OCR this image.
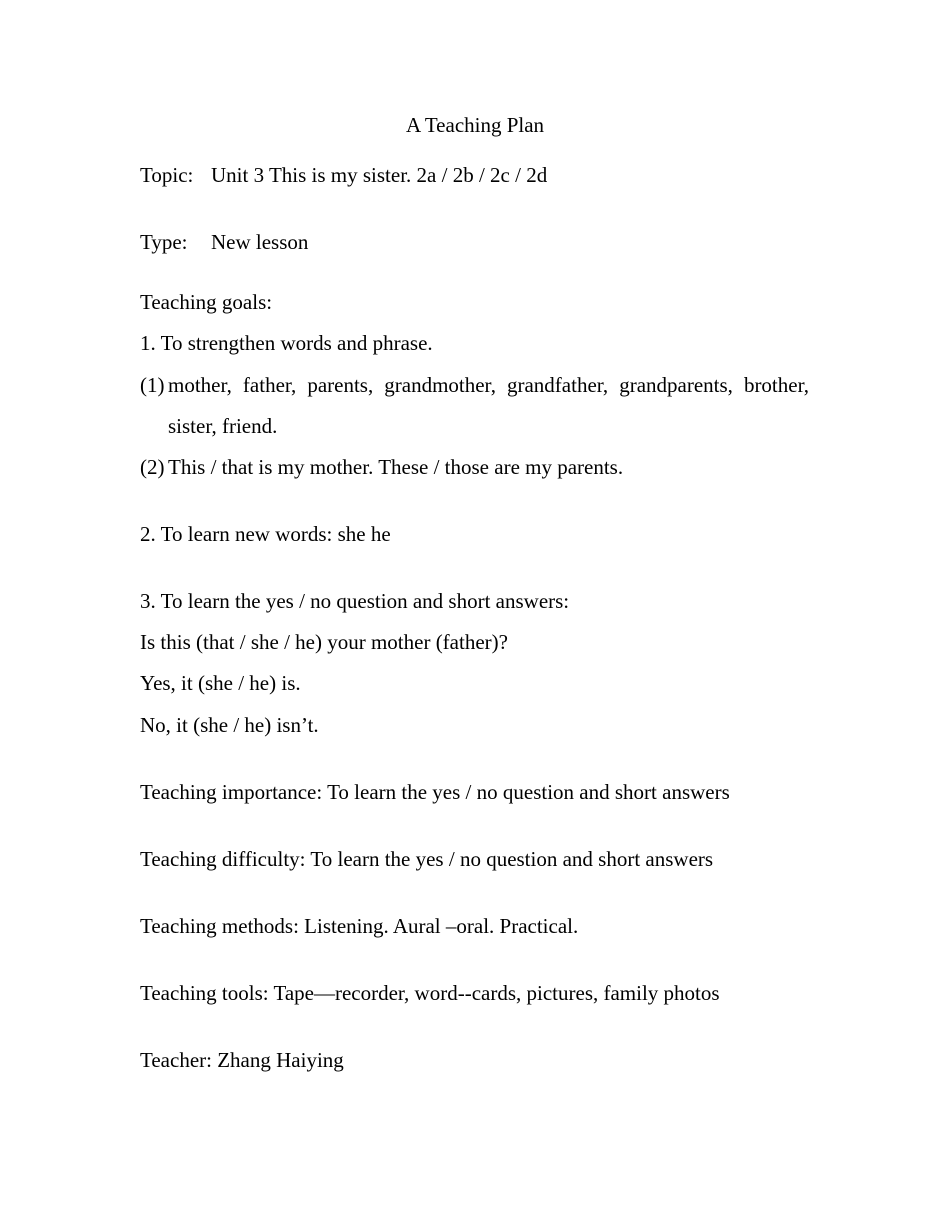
A Teaching Plan
Topic: Unit 3 This is my sister. 2a / 2b / 2c / 2d
Type: New lesson
Teaching goals:
1. To strengthen words and phrase.
(1) mother, father, parents, grandmother, grandfather, grandparents, brother,
sister, friend.
(2) This / that is my mother. These / those are my parents.
2. To learn new words: she he
3. To learn the yes / no question and short answers:
Is this (that / she / he) your mother (father)?
Yes, it (she / he) is.
No, it (she / he) isn’t.
Teaching importance: To learn the yes / no question and short answers
Teaching difficulty: To learn the yes / no question and short answers
Teaching methods: Listening. Aural –oral. Practical.
Teaching tools: Tape—recorder, word--cards, pictures, family photos
Teacher: Zhang Haiying
